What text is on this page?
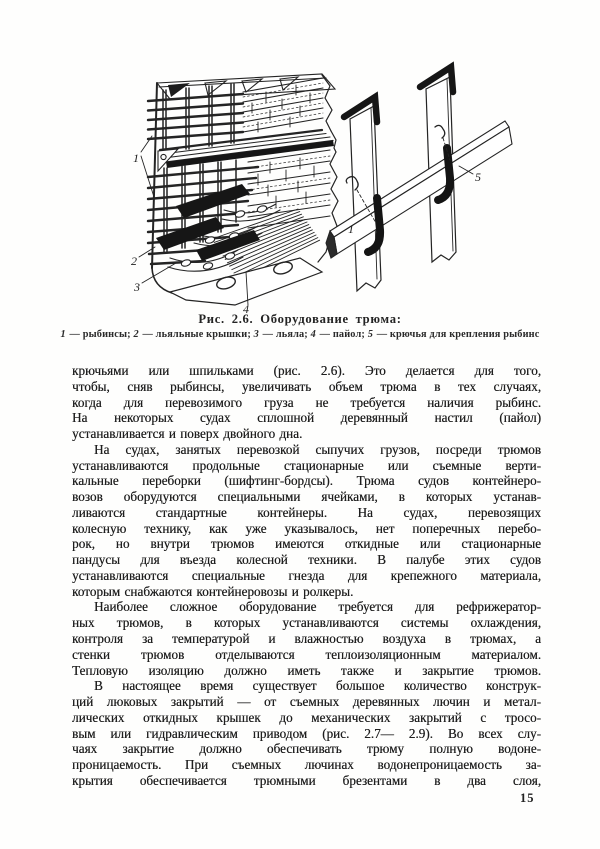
1
2
3
4
1
5
Рис. 2.6. Оборудование трюма:
1 — рыбинсы; 2 — льяльные крышки; 3 — льяла; 4 — пайол; 5 — крючья для крепления рыбинс
крючьями или шпильками (рис. 2.6). Это делается для того,
чтобы, сняв рыбинсы, увеличивать объем трюма в тех случаях,
когда для перевозимого груза не требуется наличия рыбинс.
На некоторых судах сплошной деревянный настил (пайол)
устанавливается и поверх двойного дна.
На судах, занятых перевозкой сыпучих грузов, посреди трюмов
устанавливаются продольные стационарные или съемные верти-
кальные переборки (шифтинг-бордсы). Трюма судов контейнеро-
возов оборудуются специальными ячейками, в которых устанав-
ливаются стандартные контейнеры. На судах, перевозящих
колесную технику, как уже указывалось, нет поперечных перебо-
рок, но внутри трюмов имеются откидные или стационарные
пандусы для въезда колесной техники. В палубе этих судов
устанавливаются специальные гнезда для крепежного материала,
которым снабжаются контейнеровозы и ролкеры.
Наиболее сложное оборудование требуется для рефрижератор-
ных трюмов, в которых устанавливаются системы охлаждения,
контроля за температурой и влажностью воздуха в трюмах, а
стенки трюмов отделываются теплоизоляционным материалом.
Тепловую изоляцию должно иметь также и закрытие трюмов.
В настоящее время существует большое количество конструк-
ций люковых закрытий — от съемных деревянных лючин и метал-
лических откидных крышек до механических закрытий с тросо-
вым или гидравлическим приводом (рис. 2.7— 2.9). Во всех слу-
чаях закрытие должно обеспечивать трюму полную водоне-
проницаемость. При съемных лючинах водонепроницаемость за-
крытия обеспечивается трюмными брезентами в два слоя,
15
